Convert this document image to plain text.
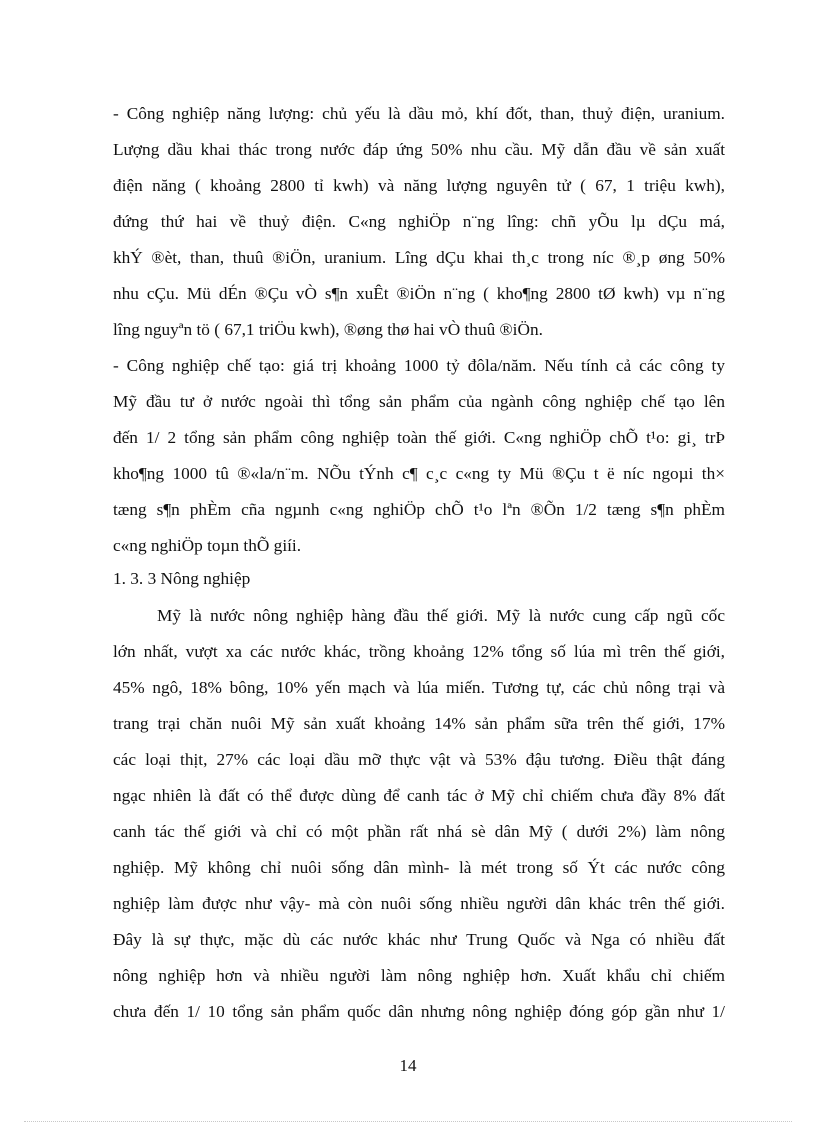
- Công nghiệp năng lượng: chủ yếu là dầu mỏ, khí đốt, than, thuỷ điện, uranium.
Lượng dầu khai thác trong nước đáp ứng 50% nhu cầu. Mỹ dẫn đầu về sản xuất
điện năng ( khoảng 2800 tỉ kwh) và năng lượng nguyên tử ( 67, 1 triệu kwh),
đứng thứ hai về thuỷ điện. C«ng nghiÖp n¨ng lîng: chñ yÕu lµ dÇu má,
khÝ ®èt, than, thuû ®iÖn, uranium. Lîng dÇu khai th¸c trong níc ®¸p øng 50%
nhu cÇu. Mü dÉn ®Çu vÒ s¶n xuÊt ®iÖn n¨ng ( kho¶ng 2800 tØ kwh) vµ n¨ng
lîng nguyªn tö ( 67,1 triÖu kwh), ®øng thø hai vÒ thuû ®iÖn.
- Công nghiệp chế tạo: giá trị khoảng 1000 tỷ đôla/năm. Nếu tính cả các công ty
Mỹ đầu tư ở nước ngoài thì tổng sản phẩm của ngành công nghiệp chế tạo lên
đến 1/ 2 tổng sản phẩm công nghiệp toàn thế giới. C«ng nghiÖp chÕ t¹o: gi¸ trÞ
kho¶ng 1000 tû ®«la/n¨m. NÕu tÝnh c¶ c¸c c«ng ty Mü ®Çu t ë níc ngoµi th×
tæng s¶n phÈm cña ngµnh c«ng nghiÖp chÕ t¹o lªn ®Õn 1/2 tæng s¶n phÈm
c«ng nghiÖp toµn thÕ giíi.
1. 3. 3 Nông nghiệp
Mỹ là nước nông nghiệp hàng đầu thế giới. Mỹ là nước cung cấp ngũ cốc
lớn nhất, vượt xa các nước khác, trồng khoảng 12% tổng số lúa mì trên thế giới,
45% ngô, 18% bông, 10% yến mạch và lúa miến. Tương tự, các chủ nông trại và
trang trại chăn nuôi Mỹ sản xuất khoảng 14% sản phẩm sữa trên thế giới, 17%
các loại thịt, 27% các loại dầu mỡ thực vật và 53% đậu tương. Điều thật đáng
ngạc nhiên là đất có thể được dùng để canh tác ở Mỹ chỉ chiếm chưa đầy 8% đất
canh tác thế giới và chỉ có một phần rất nhá sè dân Mỹ ( dưới 2%) làm nông
nghiệp. Mỹ không chỉ nuôi sống dân mình- là mét trong số Ýt các nước công
nghiệp làm được như vậy- mà còn nuôi sống nhiều người dân khác trên thế giới.
Đây là sự thực, mặc dù các nước khác như Trung Quốc và Nga có nhiều đất
nông nghiệp hơn và nhiều người làm nông nghiệp hơn. Xuất khẩu chỉ chiếm
chưa đến 1/ 10 tổng sản phẩm quốc dân nhưng nông nghiệp đóng góp gần như 1/
14
